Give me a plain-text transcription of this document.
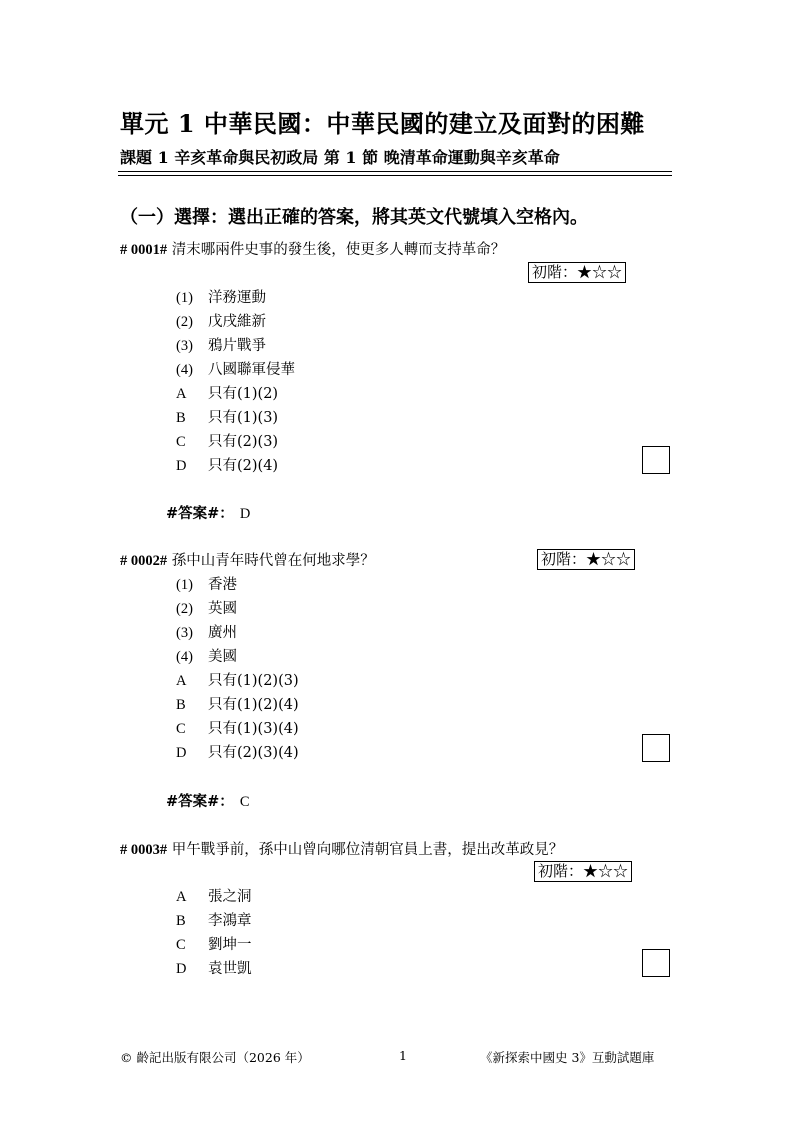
單元 1 中華民國：中華民國的建立及面對的困難
課題 1 辛亥革命與民初政局 第 1 節 晚清革命運動與辛亥革命
（一）選擇：選出正確的答案，將其英文代號填入空格內。
# 0001# 清末哪兩件史事的發生後，使更多人轉而支持革命？
初階：★☆☆
(1) 洋務運動
(2) 戊戌維新
(3) 鴉片戰爭
(4) 八國聯軍侵華
A 只有(1)(2)
B 只有(1)(3)
C 只有(2)(3)
D 只有(2)(4)
#答案#： D
# 0002# 孫中山青年時代曾在何地求學？	初階：★☆☆
(1) 香港
(2) 英國
(3) 廣州
(4) 美國
A 只有(1)(2)(3)
B 只有(1)(2)(4)
C 只有(1)(3)(4)
D 只有(2)(3)(4)
#答案#： C
# 0003# 甲午戰爭前，孫中山曾向哪位清朝官員上書，提出改革政見？
初階：★☆☆
A 張之洞
B 李鴻章
C 劉坤一
D 袁世凱
© 齡記出版有限公司（2026 年）	1	《新探索中國史 3》互動試題庫
